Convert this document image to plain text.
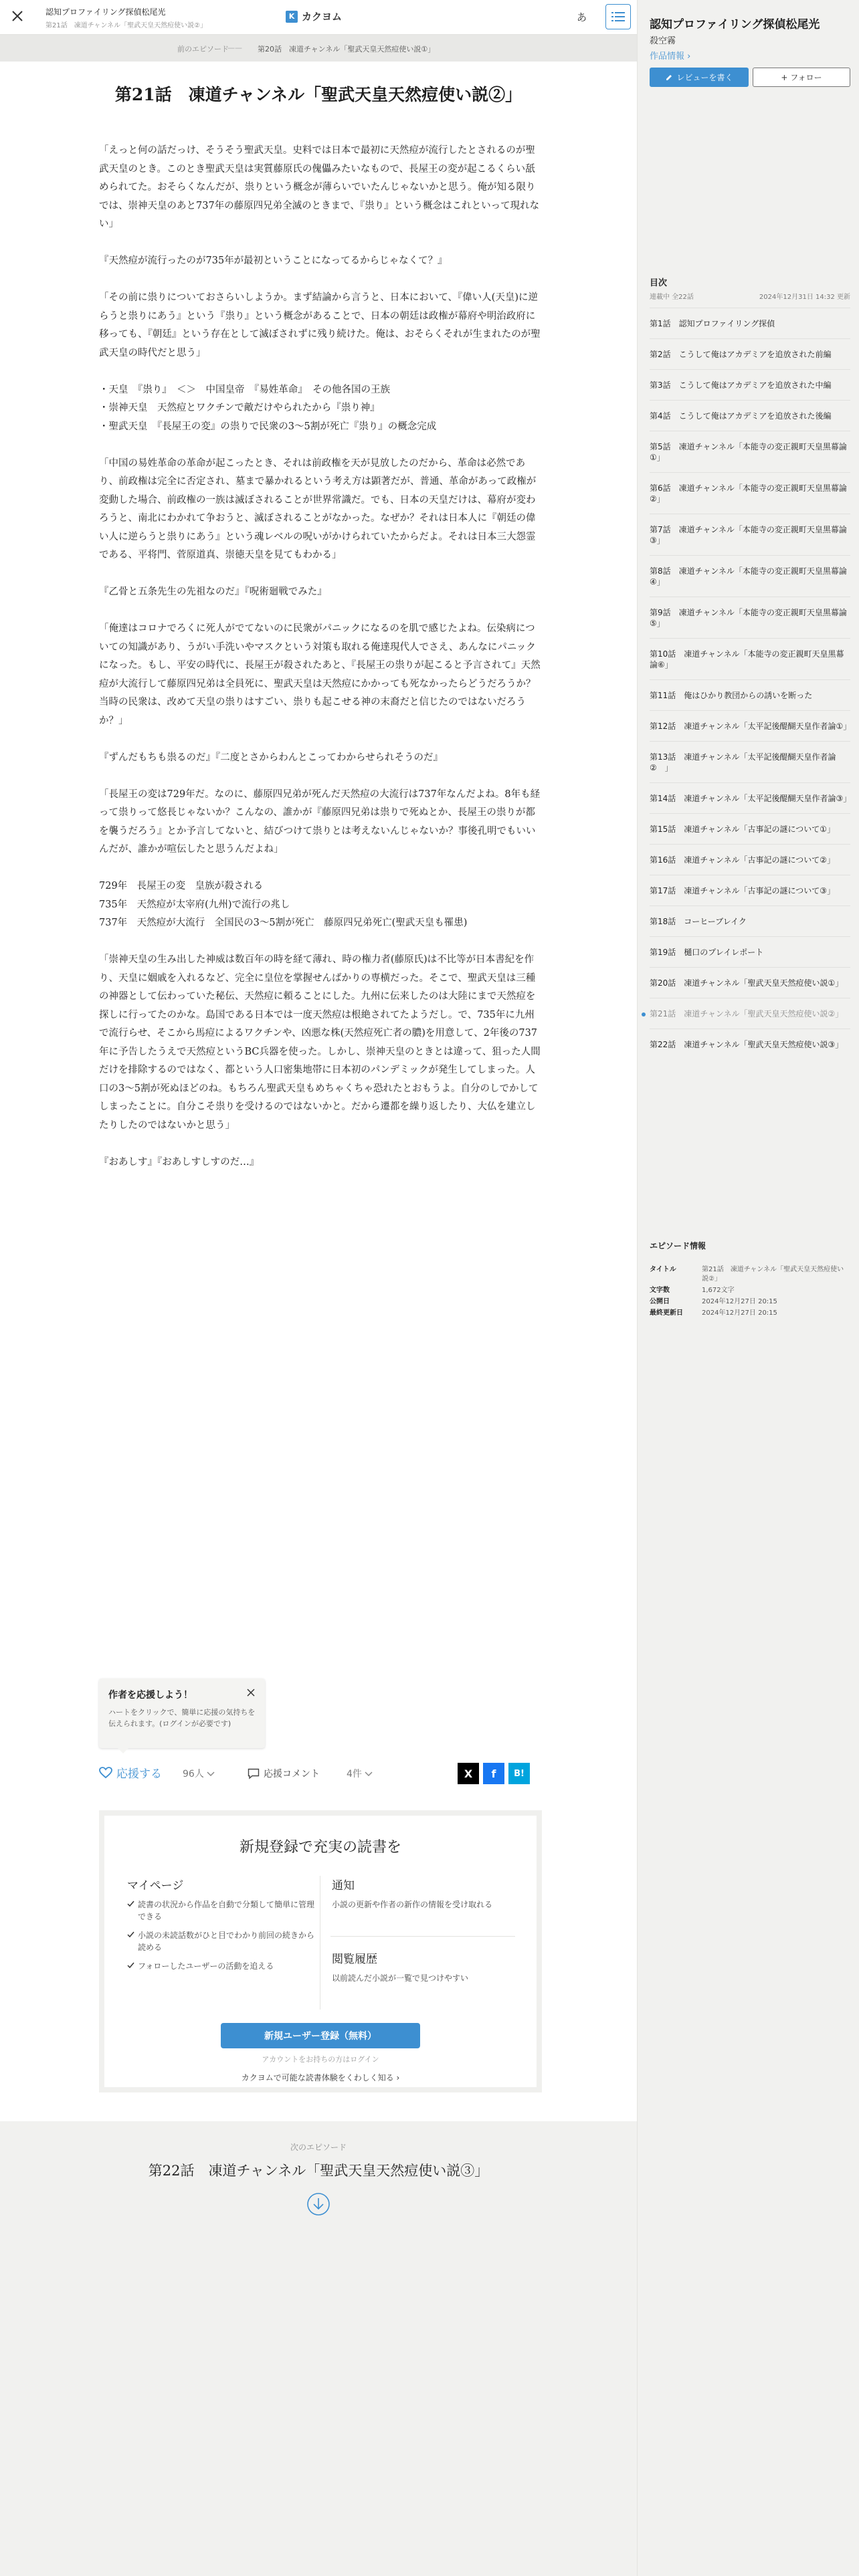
認知プロファイリング探偵松尾光
第21話　凍道チャンネル「聖武天皇天然痘使い説②」
K カクヨム	あ
前のエピソード
—— 第20話　凍道チャンネル「聖武天皇天然痘使い説①」
第21話　凍道チャンネル「聖武天皇天然痘使い説②」

「えっと何の話だっけ、そうそう聖武天皇。史料では日本で最初に天然痘が流行したとされるのが聖武天皇のとき。このとき聖武天皇は実質藤原氏の傀儡みたいなもので、長屋王の変が起こるくらい舐められてた。おそらくなんだが、祟りという概念が薄らいでいたんじゃないかと思う。俺が知る限りでは、崇神天皇のあと737年の藤原四兄弟全滅のときまで、『祟り』という概念はこれといって現れない」

『天然痘が流行ったのが735年が最初ということになってるからじゃなくて？』

「その前に祟りについておさらいしようか。まず結論から言うと、日本において、『偉い人(天皇)に逆らうと祟りにあう』という『祟り』という概念があることで、日本の朝廷は政権が幕府や明治政府に移っても、『朝廷』という存在として滅ぼされずに残り続けた。俺は、おそらくそれが生まれたのが聖武天皇の時代だと思う」

・天皇　『祟り』　＜＞　中国皇帝　『易姓革命』　その他各国の王族
・崇神天皇　天然痘とワクチンで敵だけやられたから『祟り神』
・聖武天皇　『長屋王の変』の祟りで民衆の3～5割が死亡『祟り』の概念完成

「中国の易姓革命の革命が起こったとき、それは前政権を天が見放したのだから、革命は必然であり、前政権は完全に否定され、墓まで暴かれるという考え方は顕著だが、普通、革命があって政権が変動した場合、前政権の一族は滅ぼされることが世界常識だ。でも、日本の天皇だけは、幕府が変わろうと、南北にわかれて争おうと、滅ぼされることがなかった。なぜか？それは日本人に『朝廷の偉い人に逆らうと祟りにあう』という魂レベルの呪いがかけられていたからだよ。それは日本三大怨霊である、平将門、菅原道真、崇徳天皇を見てもわかる」

『乙骨と五条先生の先祖なのだ』『呪術廻戦でみた』

「俺達はコロナでろくに死人がでてないのに民衆がパニックになるのを肌で感じたよね。伝染病についての知識があり、うがい手洗いやマスクという対策も取れる俺達現代人でさえ、あんなにパニックになった。もし、平安の時代に、長屋王が殺されたあと、『長屋王の祟りが起こると予言されて』天然痘が大流行して藤原四兄弟は全員死に、聖武天皇は天然痘にかかっても死なかったらどうだろうか？当時の民衆は、改めて天皇の祟りはすごい、祟りも起こせる神の末裔だと信じたのではないだろうか？」

『ずんだもちも祟るのだ』『二度とさからわんとこってわからせられそうのだ』

「長屋王の変は729年だ。なのに、藤原四兄弟が死んだ天然痘の大流行は737年なんだよね。8年も経って祟りって悠長じゃないか？こんなの、誰かが『藤原四兄弟は祟りで死ぬとか、長屋王の祟りが都を襲うだろう』とか予言してないと、結びつけて祟りとは考えないんじゃないか？事後孔明でもいいんだが、誰かが喧伝したと思うんだよね」

729年　長屋王の変　皇族が殺される
735年　天然痘が太宰府(九州)で流行の兆し
737年　天然痘が大流行　全国民の3～5割が死亡　藤原四兄弟死亡(聖武天皇も罹患)

「崇神天皇の生み出した神威は数百年の時を経て薄れ、時の権力者(藤原氏)は不比等が日本書紀を作り、天皇に姻戚を入れるなど、完全に皇位を掌握せんばかりの専横だった。そこで、聖武天皇は三種の神器として伝わっていた秘伝、天然痘に頼ることにした。九州に伝来したのは大陸にまで天然痘を探しに行ってたのかな。島国である日本では一度天然痘は根絶されてたようだし。で、735年に九州で流行らせ、そこから馬痘によるワクチンや、凶悪な株(天然痘死亡者の膿)を用意して、2年後の737年に予告したうえで天然痘というBC兵器を使った。しかし、崇神天皇のときとは違って、狙った人間だけを排除するのではなく、都という人口密集地帯に日本初のパンデミックが発生してしまった。人口の3～5割が死ぬほどのね。もちろん聖武天皇もめちゃくちゃ恐れたとおもうよ。自分のしでかしてしまったことに。自分こそ祟りを受けるのではないかと。だから遷都を繰り返したり、大仏を建立したりしたのではないかと思う」

『おあしす』『おあしすしすのだ…』

作者を応援しよう！
ハートをクリックで、簡単に応援の気持ちを伝えられます。(ログインが必要です)
応援する 96人	応援コメント	4件	X	f	B!
新規登録で充実の読書を
マイページ
読書の状況から作品を自動で分類して簡単に管理できる
小説の未読話数がひと目でわかり前回の続きから読める
フォローしたユーザーの活動を追える
通知
小説の更新や作者の新作の情報を受け取れる
閲覧履歴
以前読んだ小説が一覧で見つけやすい
新規ユーザー登録（無料）
アカウントをお持ちの方はログイン
カクヨムで可能な読書体験をくわしく知る ›
次のエピソード
第22話　凍道チャンネル「聖武天皇天然痘使い説③」
認知プロファイリング探偵松尾光
殺空霧
作品情報 ›
レビューを書く	+ フォロー
目次
連載中 全22話	2024年12月31日 14:32 更新
第1話　認知プロファイリング探偵
第2話　こうして俺はアカデミアを追放された前編
第3話　こうして俺はアカデミアを追放された中編
第4話　こうして俺はアカデミアを追放された後編
第5話　凍道チャンネル「本能寺の変正親町天皇黒幕論①」
第6話　凍道チャンネル「本能寺の変正親町天皇黒幕論②」
第7話　凍道チャンネル「本能寺の変正親町天皇黒幕論③」
第8話　凍道チャンネル「本能寺の変正親町天皇黒幕論④」
第9話　凍道チャンネル「本能寺の変正親町天皇黒幕論⑤」
第10話　凍道チャンネル「本能寺の変正親町天皇黒幕論⑥」
第11話　俺はひかり教団からの誘いを断った
第12話　凍道チャンネル「太平記後醍醐天皇作者論①」
第13話　凍道チャンネル「太平記後醍醐天皇作者論②　」
第14話　凍道チャンネル「太平記後醍醐天皇作者論③」
第15話　凍道チャンネル「古事記の謎について①」
第16話　凍道チャンネル「古事記の謎について②」
第17話　凍道チャンネル「古事記の謎について③」
第18話　コーヒーブレイク
第19話　樋口のプレイレポート
第20話　凍道チャンネル「聖武天皇天然痘使い説①」
第21話　凍道チャンネル「聖武天皇天然痘使い説②」
第22話　凍道チャンネル「聖武天皇天然痘使い説③」
エピソード情報
タイトル	第21話　凍道チャンネル「聖武天皇天然痘使い説②」
文字数	1,672文字
公開日	2024年12月27日 20:15
最終更新日	2024年12月27日 20:15
